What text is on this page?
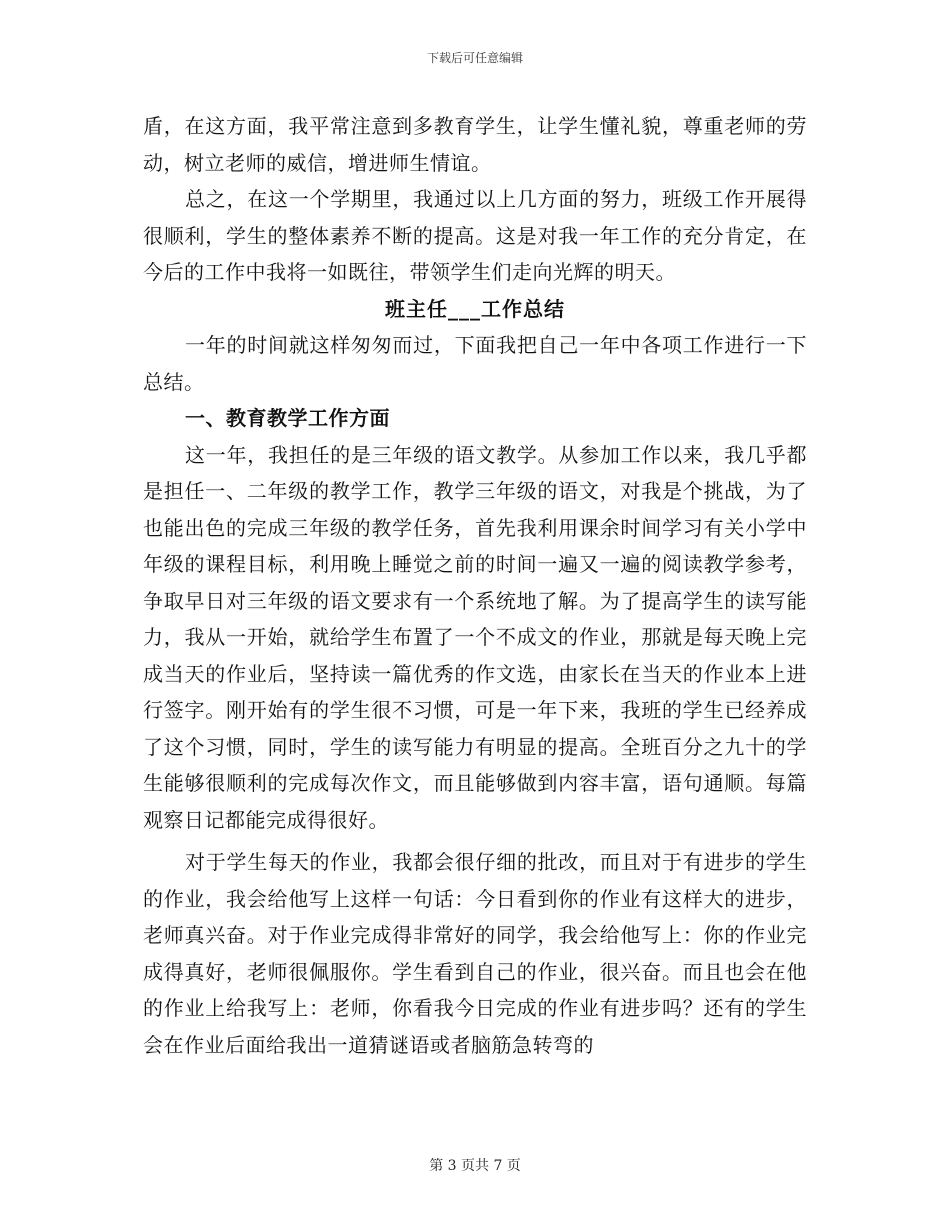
下载后可任意编辑

盾，在这方面，我平常注意到多教育学生，让学生懂礼貌，尊重老师的劳动，树立老师的威信，增进师生情谊。

总之，在这一个学期里，我通过以上几方面的努力，班级工作开展得很顺利，学生的整体素养不断的提高。这是对我一年工作的充分肯定，在今后的工作中我将一如既往，带领学生们走向光辉的明天。

班主任___工作总结

一年的时间就这样匆匆而过，下面我把自己一年中各项工作进行一下总结。

一、教育教学工作方面

这一年，我担任的是三年级的语文教学。从参加工作以来，我几乎都是担任一、二年级的教学工作，教学三年级的语文，对我是个挑战，为了也能出色的完成三年级的教学任务，首先我利用课余时间学习有关小学中年级的课程目标，利用晚上睡觉之前的时间一遍又一遍的阅读教学参考，争取早日对三年级的语文要求有一个系统地了解。为了提高学生的读写能力，我从一开始，就给学生布置了一个不成文的作业，那就是每天晚上完成当天的作业后，坚持读一篇优秀的作文选，由家长在当天的作业本上进行签字。刚开始有的学生很不习惯，可是一年下来，我班的学生已经养成了这个习惯，同时，学生的读写能力有明显的提高。全班百分之九十的学生能够很顺利的完成每次作文，而且能够做到内容丰富，语句通顺。每篇观察日记都能完成得很好。

对于学生每天的作业，我都会很仔细的批改，而且对于有进步的学生的作业，我会给他写上这样一句话：今日看到你的作业有这样大的进步，老师真兴奋。对于作业完成得非常好的同学，我会给他写上：你的作业完成得真好，老师很佩服你。学生看到自己的作业，很兴奋。而且也会在他的作业上给我写上：老师，你看我今日完成的作业有进步吗？还有的学生会在作业后面给我出一道猜谜语或者脑筋急转弯的

第 3 页共 7 页
